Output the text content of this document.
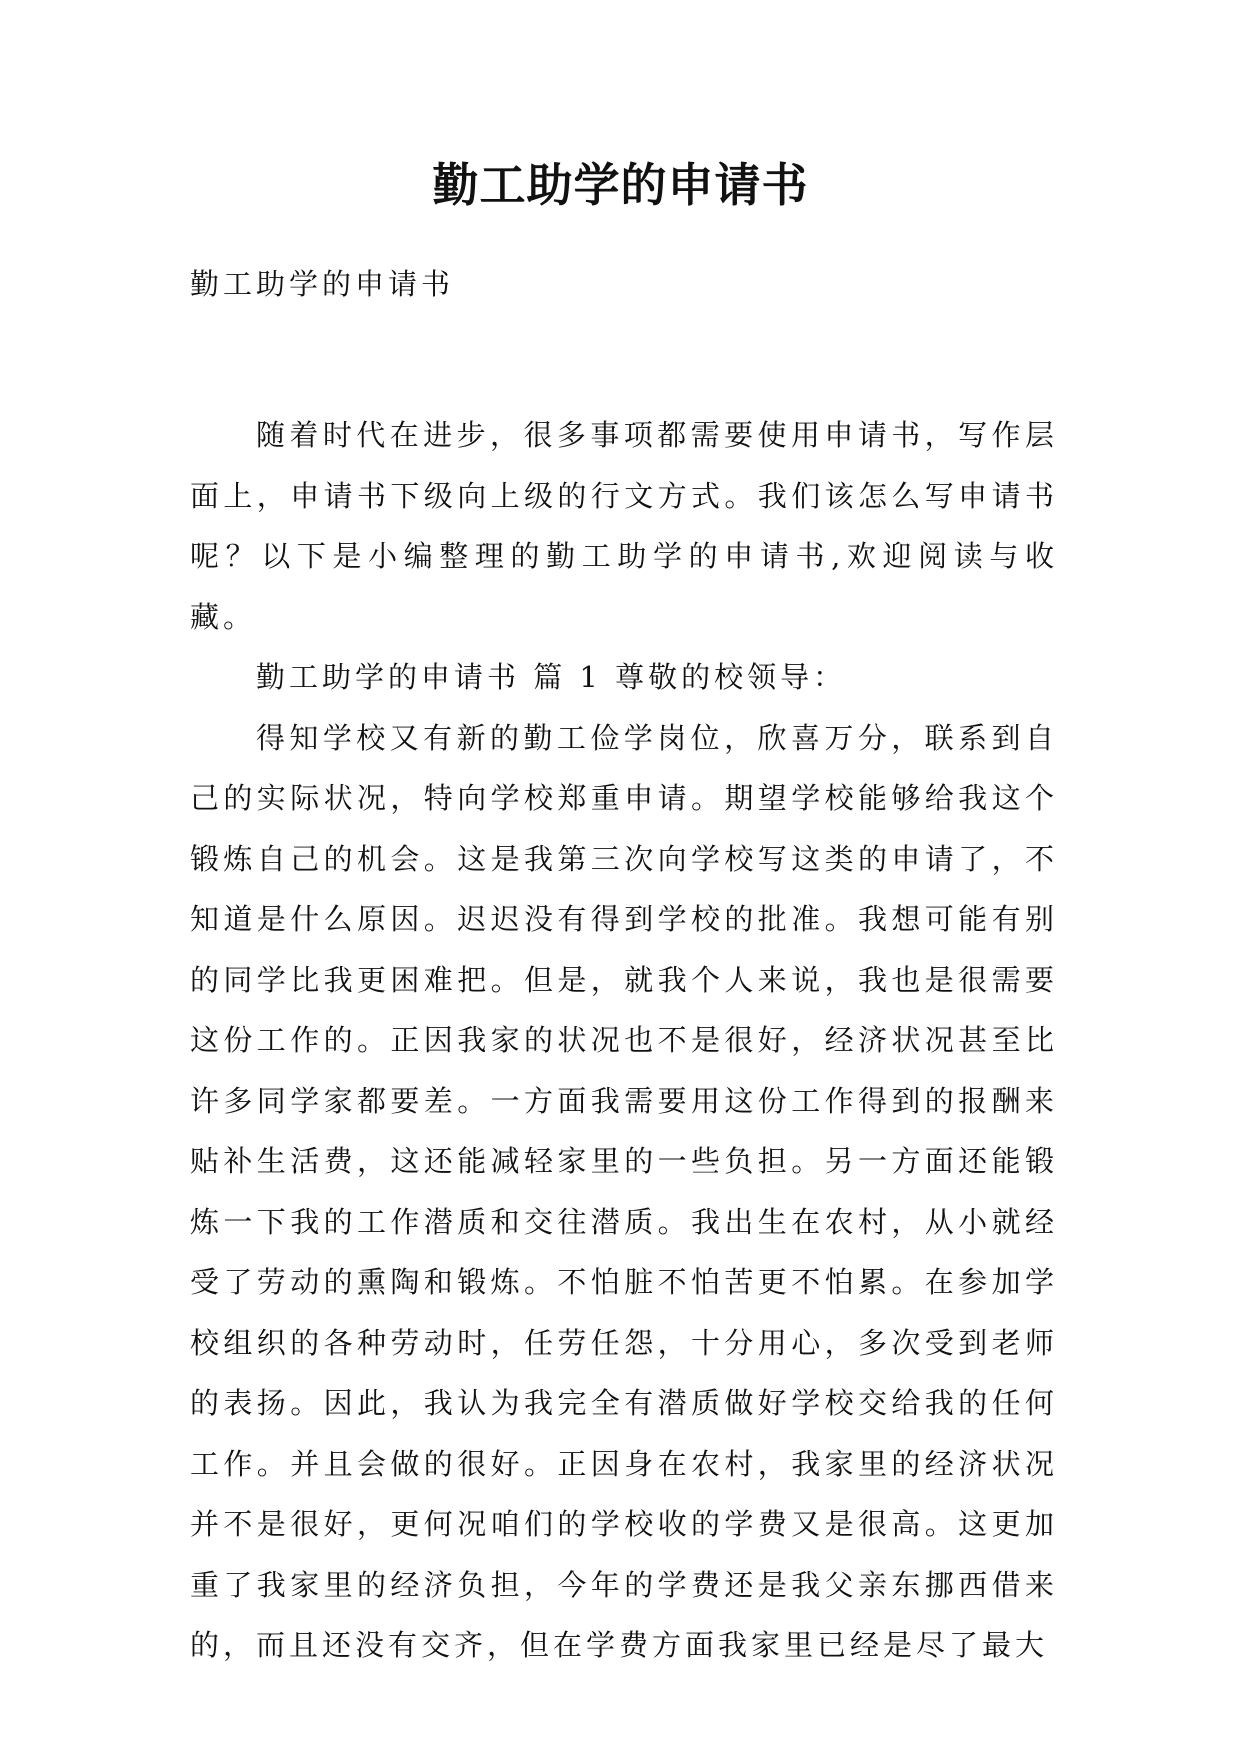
勤工助学的申请书

勤工助学的申请书

随着时代在进步，很多事项都需要使用申请书，写作层面上，申请书下级向上级的行文方式。我们该怎么写申请书呢？以下是小编整理的勤工助学的申请书,欢迎阅读与收藏。

勤工助学的申请书 篇 1 尊敬的校领导：

得知学校又有新的勤工俭学岗位，欣喜万分，联系到自己的实际状况，特向学校郑重申请。期望学校能够给我这个锻炼自己的机会。这是我第三次向学校写这类的申请了，不知道是什么原因。迟迟没有得到学校的批准。我想可能有别的同学比我更困难把。但是，就我个人来说，我也是很需要这份工作的。正因我家的状况也不是很好，经济状况甚至比许多同学家都要差。一方面我需要用这份工作得到的报酬来贴补生活费，这还能减轻家里的一些负担。另一方面还能锻炼一下我的工作潜质和交往潜质。我出生在农村，从小就经受了劳动的熏陶和锻炼。不怕脏不怕苦更不怕累。在参加学校组织的各种劳动时，任劳任怨，十分用心，多次受到老师的表扬。因此，我认为我完全有潜质做好学校交给我的任何工作。并且会做的很好。正因身在农村，我家里的经济状况并不是很好，更何况咱们的学校收的学费又是很高。这更加重了我家里的经济负担，今年的学费还是我父亲东挪西借来的，而且还没有交齐，但在学费方面我家里已经是尽了最大
